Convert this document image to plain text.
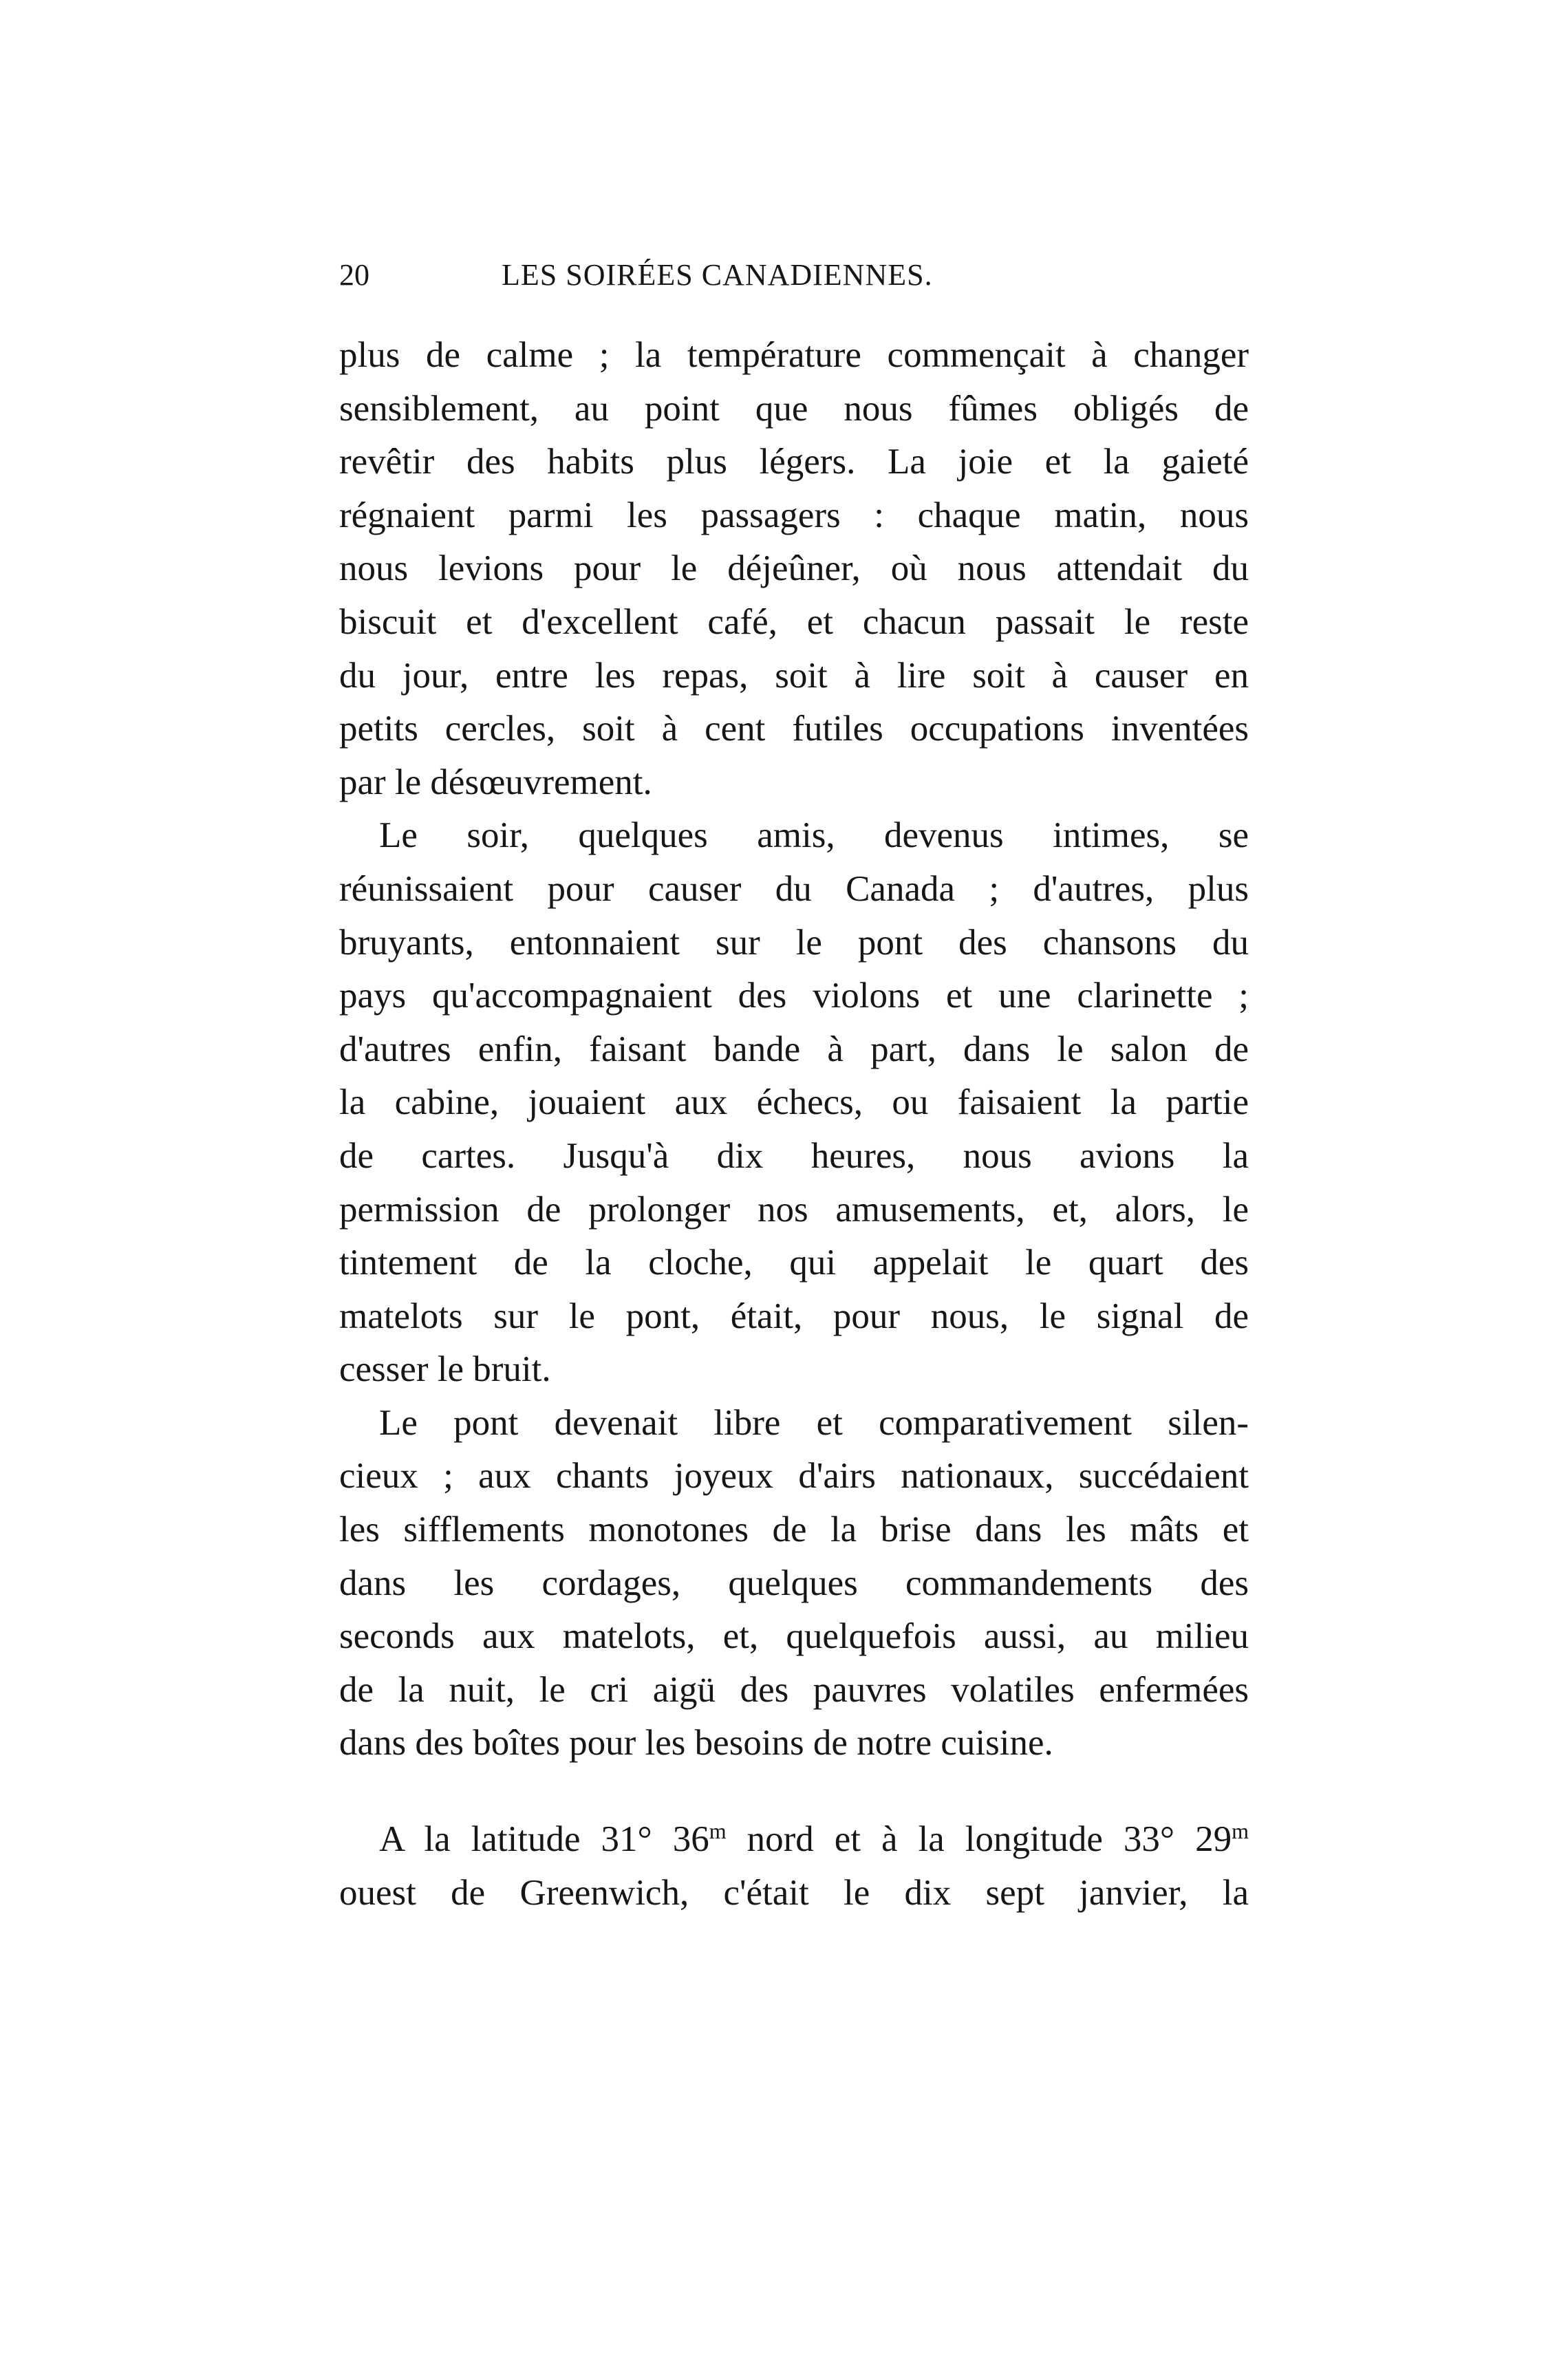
20	LES SOIRÉES CANADIENNES.
plus de calme ; la température commençait à changer
sensiblement, au point que nous fûmes obligés de
revêtir des habits plus légers. La joie et la gaieté
régnaient parmi les passagers : chaque matin, nous
nous levions pour le déjeûner, où nous attendait du
biscuit et d'excellent café, et chacun passait le reste
du jour, entre les repas, soit à lire soit à causer en
petits cercles, soit à cent futiles occupations inventées
par le désœuvrement.
Le soir, quelques amis, devenus intimes, se
réunissaient pour causer du Canada ; d'autres, plus
bruyants, entonnaient sur le pont des chansons du
pays qu'accompagnaient des violons et une clarinette ;
d'autres enfin, faisant bande à part, dans le salon de
la cabine, jouaient aux échecs, ou faisaient la partie
de cartes. Jusqu'à dix heures, nous avions la
permission de prolonger nos amusements, et, alors, le
tintement de la cloche, qui appelait le quart des
matelots sur le pont, était, pour nous, le signal de
cesser le bruit.
Le pont devenait libre et comparativement silen-
cieux ; aux chants joyeux d'airs nationaux, succédaient
les sifflements monotones de la brise dans les mâts et
dans les cordages, quelques commandements des
seconds aux matelots, et, quelquefois aussi, au milieu
de la nuit, le cri aigü des pauvres volatiles enfermées
dans des boîtes pour les besoins de notre cuisine.
A la latitude 31° 36$^m$ nord et à la longitude 33° 29$^m$
ouest de Greenwich, c'était le dix sept janvier, la
